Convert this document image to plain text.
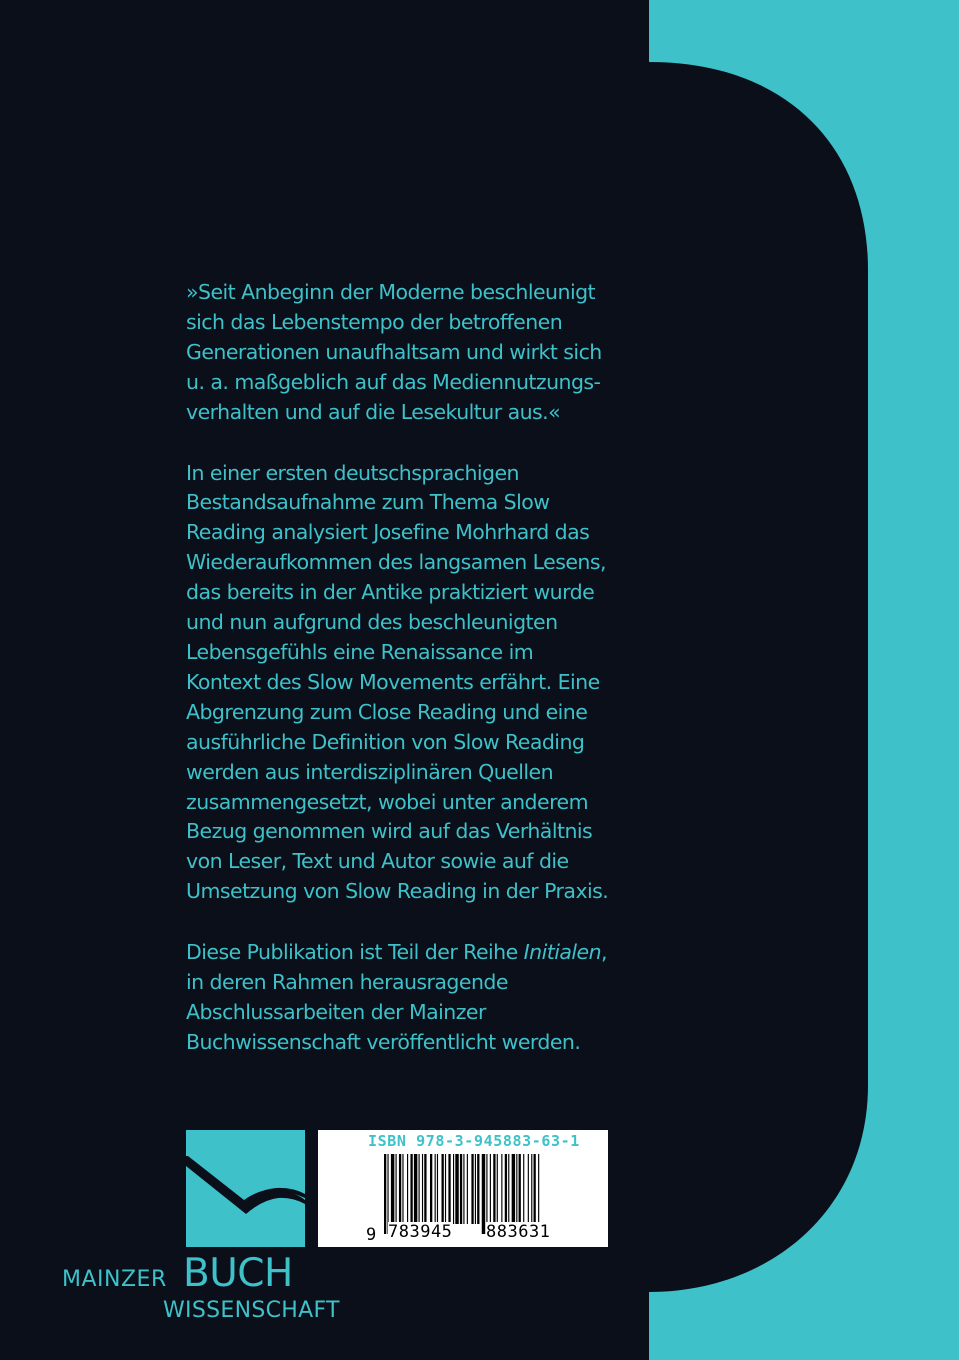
»Seit Anbeginn der Moderne beschleunigt
sich das Lebenstempo der betroffenen
Generationen unaufhaltsam und wirkt sich
u. a. maßgeblich auf das Mediennutzungs-
verhalten und auf die Lesekultur aus.«

In einer ersten deutschsprachigen
Bestandsaufnahme zum Thema Slow
Reading analysiert Josefine Mohrhard das
Wiederaufkommen des langsamen Lesens,
das bereits in der Antike praktiziert wurde
und nun aufgrund des beschleunigten
Lebensgefühls eine Renaissance im
Kontext des Slow Movements erfährt. Eine
Abgrenzung zum Close Reading und eine
ausführliche Definition von Slow Reading
werden aus interdisziplinären Quellen
zusammengesetzt, wobei unter anderem
Bezug genommen wird auf das Verhältnis
von Leser, Text und Autor sowie auf die
Umsetzung von Slow Reading in der Praxis.

Diese Publikation ist Teil der Reihe Initialen,
in deren Rahmen herausragende
Abschlussarbeiten der Mainzer
Buchwissenschaft veröffentlicht werden.

MAINZER BUCH
WISSENSCHAFT
ISBN 978-3-945883-63-1
9 783945 883631
